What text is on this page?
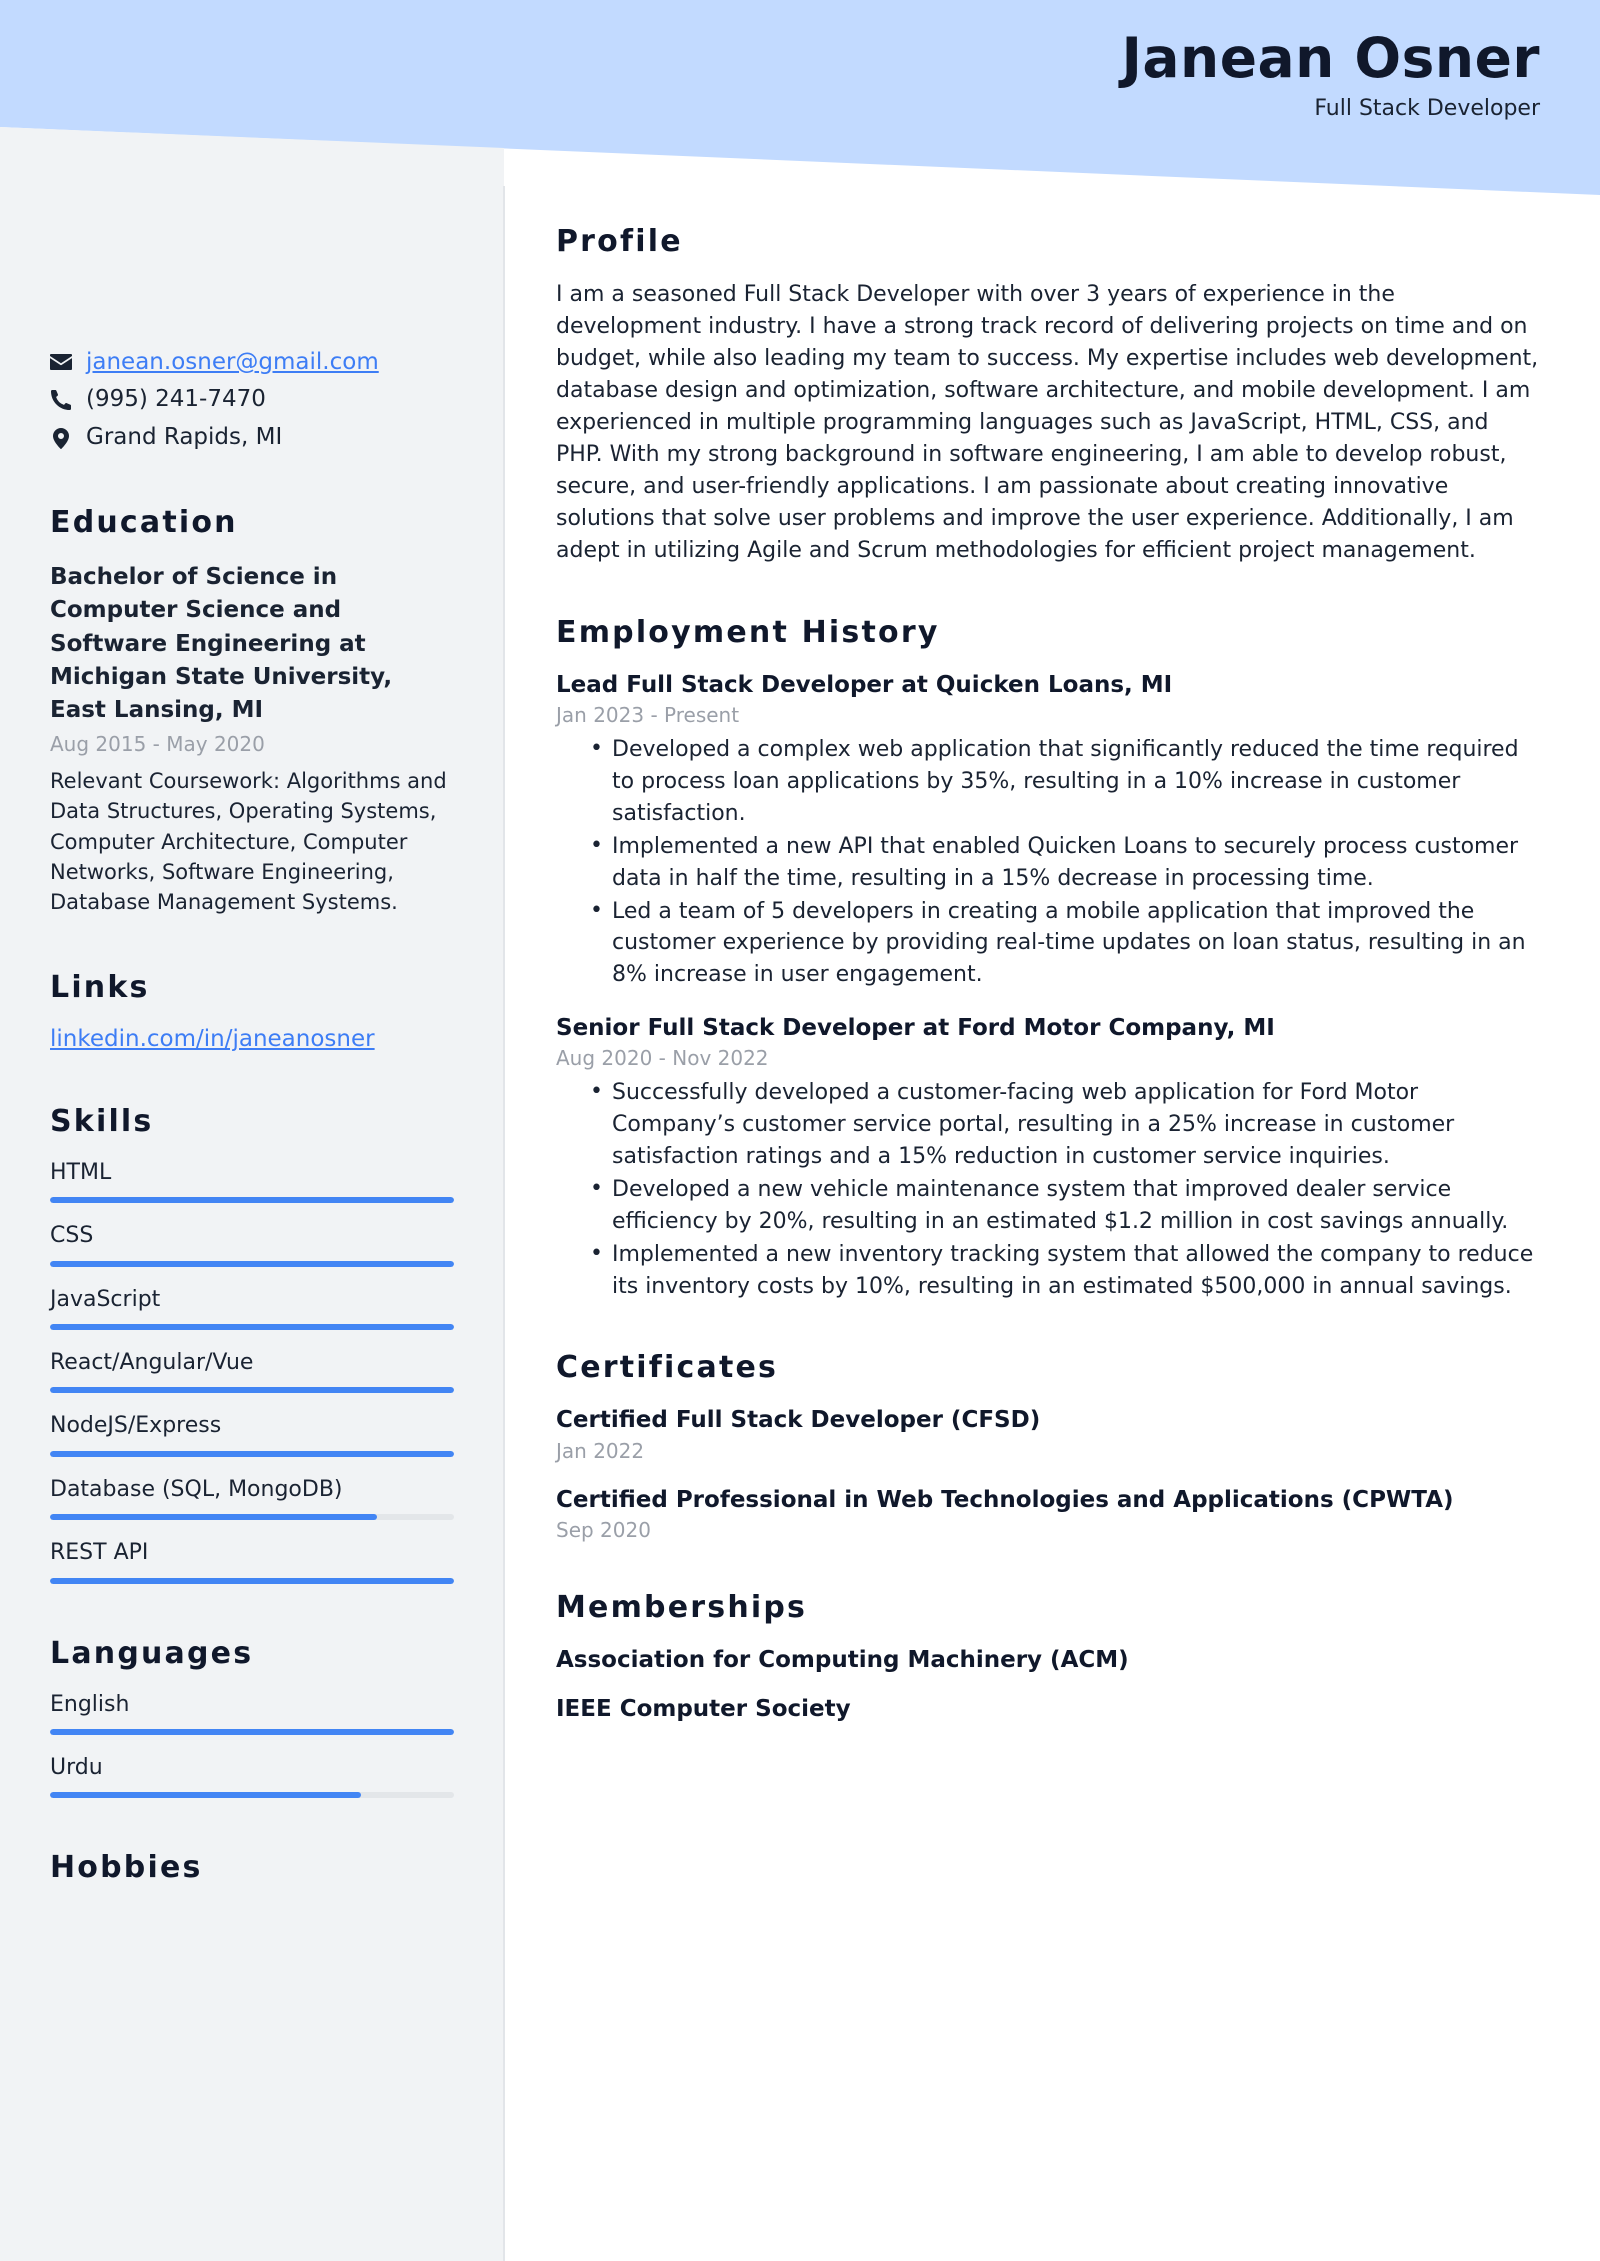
Janean Osner
Full Stack Developer
janean.osner@gmail.com
(995) 241-7470
Grand Rapids, MI
Education
Bachelor of Science in Computer Science and Software Engineering at Michigan State University, East Lansing, MI
Aug 2015 - May 2020
Relevant Coursework: Algorithms and Data Structures, Operating Systems, Computer Architecture, Computer Networks, Software Engineering, Database Management Systems.
Links
linkedin.com/in/janeanosner
Skills
HTML
CSS
JavaScript
React/Angular/Vue
NodeJS/Express
Database (SQL, MongoDB)
REST API
Languages
English
Urdu
Hobbies
Profile
I am a seasoned Full Stack Developer with over 3 years of experience in the development industry. I have a strong track record of delivering projects on time and on budget, while also leading my team to success. My expertise includes web development, database design and optimization, software architecture, and mobile development. I am experienced in multiple programming languages such as JavaScript, HTML, CSS, and PHP. With my strong background in software engineering, I am able to develop robust, secure, and user-friendly applications. I am passionate about creating innovative solutions that solve user problems and improve the user experience. Additionally, I am adept in utilizing Agile and Scrum methodologies for efficient project management.
Employment History
Lead Full Stack Developer at Quicken Loans, MI
Jan 2023 - Present
• Developed a complex web application that significantly reduced the time required to process loan applications by 35%, resulting in a 10% increase in customer satisfaction.
• Implemented a new API that enabled Quicken Loans to securely process customer data in half the time, resulting in a 15% decrease in processing time.
• Led a team of 5 developers in creating a mobile application that improved the customer experience by providing real-time updates on loan status, resulting in an 8% increase in user engagement.
Senior Full Stack Developer at Ford Motor Company, MI
Aug 2020 - Nov 2022
• Successfully developed a customer-facing web application for Ford Motor Company’s customer service portal, resulting in a 25% increase in customer satisfaction ratings and a 15% reduction in customer service inquiries.
• Developed a new vehicle maintenance system that improved dealer service efficiency by 20%, resulting in an estimated $1.2 million in cost savings annually.
• Implemented a new inventory tracking system that allowed the company to reduce its inventory costs by 10%, resulting in an estimated $500,000 in annual savings.
Certificates
Certified Full Stack Developer (CFSD)
Jan 2022
Certified Professional in Web Technologies and Applications (CPWTA)
Sep 2020
Memberships
Association for Computing Machinery (ACM)
IEEE Computer Society
